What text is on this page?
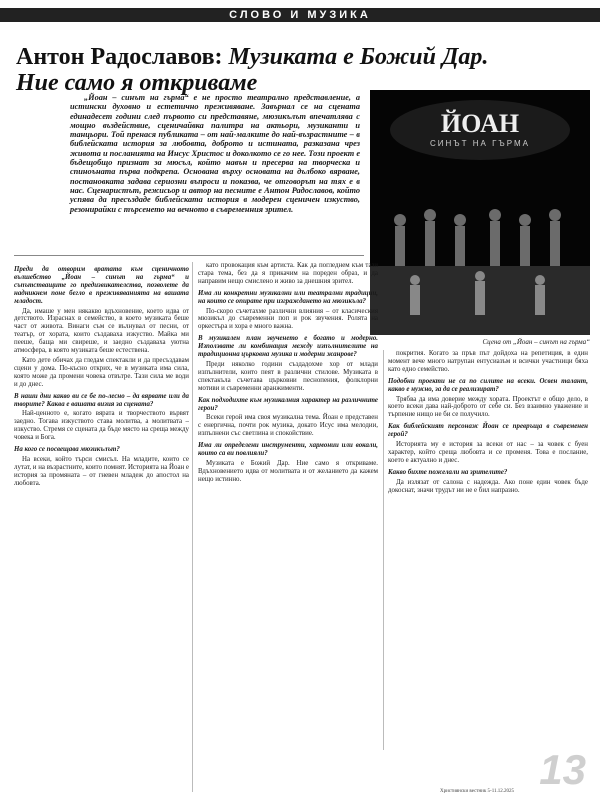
СЛОВО И МУЗИКА
Антон Радославов: Музиката е Божий Дар.
Ние само я откриваме
„Йоан – синът на гърма“ е не просто театрално представление, а истински духовно и естетично преживяване. Завърнал се на сцената единадесет години след първото си представяне, мюзикълът впечатлява с мощно въздействие, сценичайвка палитра на актьори, музиканти и танцьори. Той пренася публиката – от най-малките до най-възрастните – в библейската история за любовта, доброто и истината, разказана чрез живота и посланията на Инсус Христос и доколкото се го нее. Този проект е бъдещобщо признат за мюсъл, който навън и пресерва на творческа и спиноъната първа подкрепа. Основана върху основата на дълбоко вярване, постановката задава сериозни въпроси и показва, че отговорът на тях е в нас. Сценаристът, режисьор и автор на песните е Антон Радославов, който успява да пресъздаде библейската история в модерен сценичен изкуство, резонирайки с търсенето на вечното в съвременния зрител.
ЙОАН
СИНЪТ НА ГЪРМА
Сцена от „Йоан – синът на гърма“

Преди да отворим вратата към сценичното вълшебство „Йоан – синът на гърма“ и съпътстващите го предизвикателства, позволете да надникнем поне бегло в преживяванията на вашата младост.

Да, имаше у мен някакво вдъхновение, което идва от детството. Израснах в семейство, в което музиката беше част от живота. Винаги съм се вълнувал от песни, от театър, от хората, които създаваха изкуство. Майка ми пееше, баща ми свиреше, и заедно създаваха уютна атмосфера, в която музиката беше естествена.

Като дете обичах да гледам спектакли и да пресъздавам сцени у дома. По-късно открих, че в музиката има сила, която може да промени човека отвътре. Тази сила ме води и до днес.

В наши дни какво ви се бе по-лесно – да вярвате или да творите? Каква е вашата визия за сцената?

Най-ценното е, когато вярата и творчеството вървят заедно. Тогава изкуството става молитва, а молитвата – изкуство. Стремя се сцената да бъде място на среща между човека и Бога.

На кого се посвещава мюзикълът?

На всеки, който търси смисъл. На младите, които се лутат, и на възрастните, които помнят. Историята на Йоан е история за промяната – от гневен младеж до апостол на любовта.

като провокация към артиста. Как да погледнем към тази стара тема, без да я прикачим на пореден образ, и да направим нещо смислено и живо за днешния зрител.

Има ли конкретни музикални или театрални традиции, на които се опирате при изграждането на мюзикъла?

По-скоро съчетахме различни влияния – от класическия мюзикъл до съвременни поп и рок звучения. Ролята на оркестъра и хора е много важна.

В музикален план звученето е богато и модерно. Използвате ли комбинация между изпълнителите на традиционна църковна музика и модерни жанрове?

Преди няколко години създадохме хор от млади изпълнители, които пеят в различни стилове. Музиката в спектакъла съчетава църковни песнопения, фолклорни мотиви и съвременни аранжименти.

Как подходихте към музикалния характер на различните герои?

Всеки герой има своя музикална тема. Йоан е представен с енергична, почти рок музика, докато Исус има мелодии, изпълнени със светлина и спокойствие.

Има ли определени инструменти, хармонии или вокали, които са ви повлияли?

Музиката е Божий Дар. Ние само я откриваме. Вдъхновението идва от молитвата и от желанието да кажем нещо истинно.

покрития. Когато за пръв път дойдоха на репетиция, в един момент вече много натрупан ентусиазъм и всички участници бяха като едно семейство.

Подобни проекти не са по силите на всеки. Освен талант, какво е нужно, за да се реализират?

Трябва да има доверие между хората. Проектът е общо дело, в което всеки дава най-доброто от себе си. Без взаимно уважение и търпение нищо не би се получило.

Как библейският персонаж Йоан се превръща в съвременен герой?

Историята му е история за всеки от нас – за човек с буен характер, който среща любовта и се променя. Това е послание, което е актуално и днес.

Какво бихте пожелали на зрителите?

Да излязат от салона с надежда. Ако поне един човек бъде докоснат, значи трудът ни не е бил напразно.

Християнски вестник 5-11.12.2025 13
